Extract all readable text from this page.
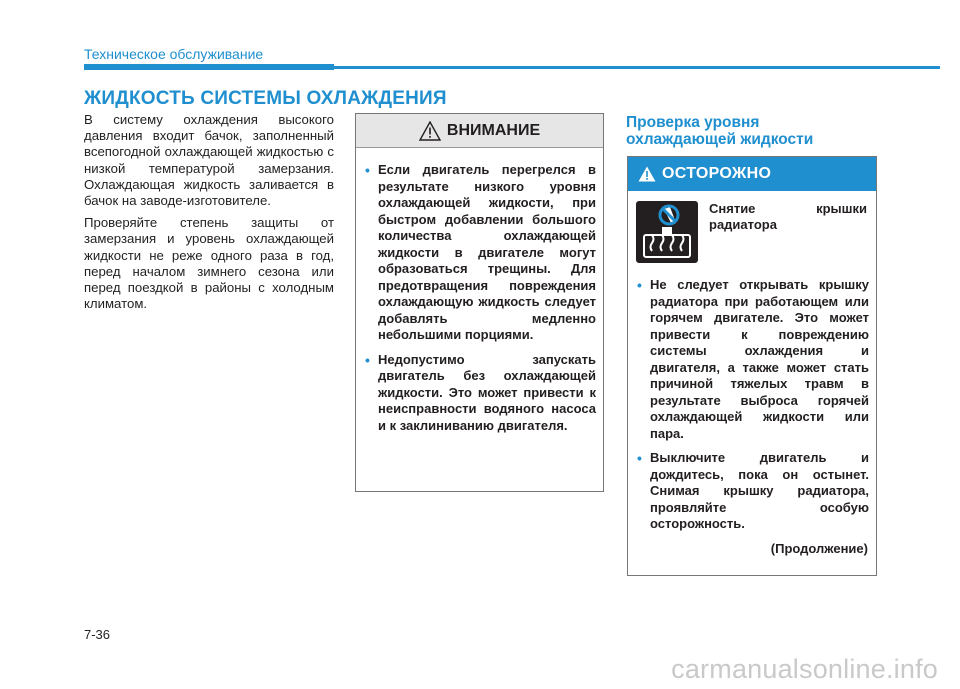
Техническое обслуживание
ЖИДКОСТЬ СИСТЕМЫ ОХЛАЖДЕНИЯ

В систему охлаждения высокого давления входит бачок, заполненный всепогодной охлаждающей жидкостью с низкой температурой замерзания. Охлаждающая жидкость заливается в бачок на заводе-изготовителе.

Проверяйте степень защиты от замерзания и уровень охлаждающей жидкости не реже одного раза в год, перед началом зимнего сезона или перед поездкой в районы с холодным климатом.

ВНИМАНИЕ
• Если двигатель перегрелся в результате низкого уровня охлаждающей жидкости, при быстром добавлении большого количества охлаждающей жидкости в двигателе могут образоваться трещины. Для предотвращения повреждения охлаждающую жидкость следует добавлять медленно небольшими порциями.
• Недопустимо запускать двигатель без охлаждающей жидкости. Это может привести к неисправности водяного насоса и к заклиниванию двигателя.
Проверка уровня
охлаждающей жидкости
ОСТОРОЖНО
Снятие крышки
радиатора
• Не следует открывать крышку радиатора при работающем или горячем двигателе. Это может привести к повреждению системы охлаждения и двигателя, а также может стать причиной тяжелых травм в результате выброса горячей охлаждающей жидкости или пара.
• Выключите двигатель и дождитесь, пока он остынет. Снимая крышку радиатора, проявляйте особую осторожность.
(Продолжение)
7-36
carmanualsonline.info
